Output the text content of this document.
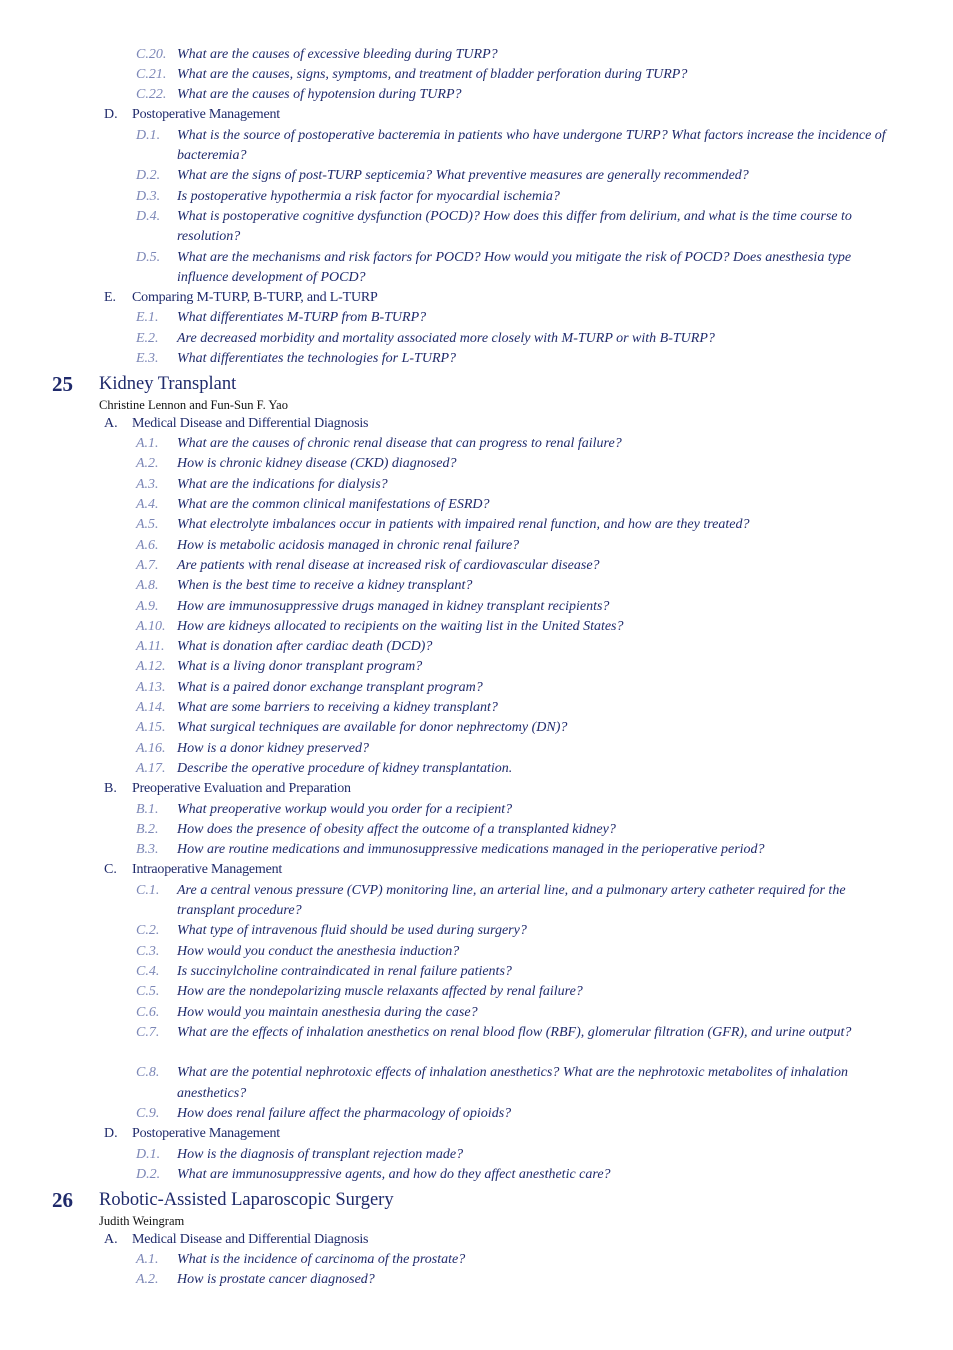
C.20. What are the causes of excessive bleeding during TURP?
C.21. What are the causes, signs, symptoms, and treatment of bladder perforation during TURP?
C.22. What are the causes of hypotension during TURP?
D. Postoperative Management
D.1. What is the source of postoperative bacteremia in patients who have undergone TURP? What factors increase the incidence of bacteremia?
D.2. What are the signs of post-TURP septicemia? What preventive measures are generally recommended?
D.3. Is postoperative hypothermia a risk factor for myocardial ischemia?
D.4. What is postoperative cognitive dysfunction (POCD)? How does this differ from delirium, and what is the time course to resolution?
D.5. What are the mechanisms and risk factors for POCD? How would you mitigate the risk of POCD? Does anesthesia type influence development of POCD?
E. Comparing M-TURP, B-TURP, and L-TURP
E.1. What differentiates M-TURP from B-TURP?
E.2. Are decreased morbidity and mortality associated more closely with M-TURP or with B-TURP?
E.3. What differentiates the technologies for L-TURP?
25 Kidney Transplant
Christine Lennon and Fun-Sun F. Yao
A. Medical Disease and Differential Diagnosis
A.1. What are the causes of chronic renal disease that can progress to renal failure?
A.2. How is chronic kidney disease (CKD) diagnosed?
A.3. What are the indications for dialysis?
A.4. What are the common clinical manifestations of ESRD?
A.5. What electrolyte imbalances occur in patients with impaired renal function, and how are they treated?
A.6. How is metabolic acidosis managed in chronic renal failure?
A.7. Are patients with renal disease at increased risk of cardiovascular disease?
A.8. When is the best time to receive a kidney transplant?
A.9. How are immunosuppressive drugs managed in kidney transplant recipients?
A.10. How are kidneys allocated to recipients on the waiting list in the United States?
A.11. What is donation after cardiac death (DCD)?
A.12. What is a living donor transplant program?
A.13. What is a paired donor exchange transplant program?
A.14. What are some barriers to receiving a kidney transplant?
A.15. What surgical techniques are available for donor nephrectomy (DN)?
A.16. How is a donor kidney preserved?
A.17. Describe the operative procedure of kidney transplantation.
B. Preoperative Evaluation and Preparation
B.1. What preoperative workup would you order for a recipient?
B.2. How does the presence of obesity affect the outcome of a transplanted kidney?
B.3. How are routine medications and immunosuppressive medications managed in the perioperative period?
C. Intraoperative Management
C.1. Are a central venous pressure (CVP) monitoring line, an arterial line, and a pulmonary artery catheter required for the transplant procedure?
C.2. What type of intravenous fluid should be used during surgery?
C.3. How would you conduct the anesthesia induction?
C.4. Is succinylcholine contraindicated in renal failure patients?
C.5. How are the nondepolarizing muscle relaxants affected by renal failure?
C.6. How would you maintain anesthesia during the case?
C.7. What are the effects of inhalation anesthetics on renal blood flow (RBF), glomerular filtration (GFR), and urine output?
C.8. What are the potential nephrotoxic effects of inhalation anesthetics? What are the nephrotoxic metabolites of inhalation anesthetics?
C.9. How does renal failure affect the pharmacology of opioids?
D. Postoperative Management
D.1. How is the diagnosis of transplant rejection made?
D.2. What are immunosuppressive agents, and how do they affect anesthetic care?
26 Robotic-Assisted Laparoscopic Surgery
Judith Weingram
A. Medical Disease and Differential Diagnosis
A.1. What is the incidence of carcinoma of the prostate?
A.2. How is prostate cancer diagnosed?
